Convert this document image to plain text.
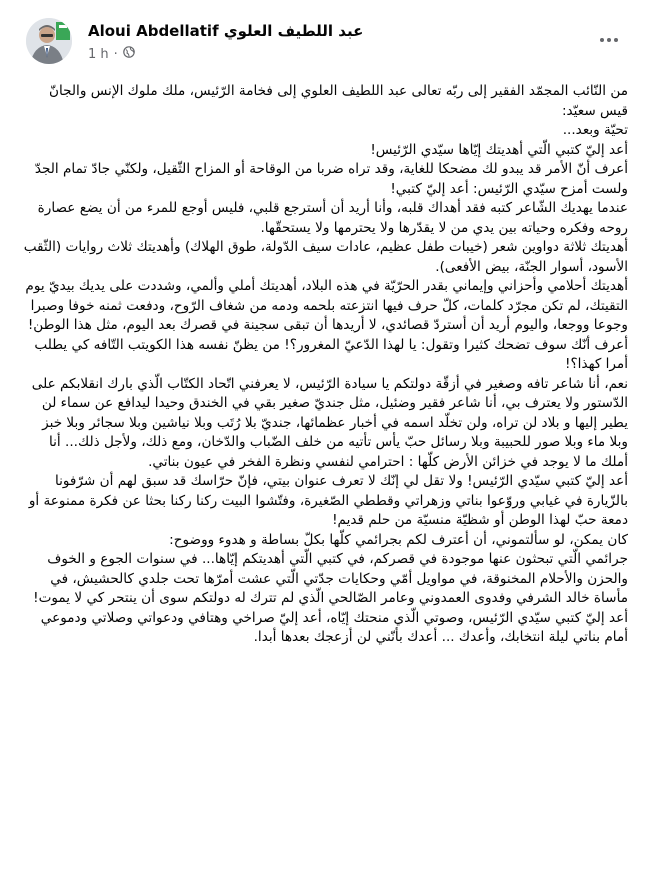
Aloui Abdellatif عبد اللطيف العلوي
1 h ·

من النّائب المجمّد الفقير إلى ربّه تعالى عبد اللطيف العلوي إلى فخامة الرّئيس، ملك ملوك الإنس والجانّ قيس سعيّد:

تحيّة وبعد...

أعد إليّ كتبي الّتي أهديتك إيّاها سيّدي الرّئيس!

أعرف أنّ الأمر قد يبدو لك مضحكا للغاية، وقد تراه ضربا من الوقاحة أو المزاح الثّقيل، ولكنّي جادّ تمام الجدّ ولست أمزح سيّدي الرّئيس: أعد إليّ كتبي!

عندما يهديك الشّاعر كتبه فقد أهداك قلبه، وأنا أريد أن أسترجع قلبي، فليس أوجع للمرء من أن يضع عصارة روحه وفكره وحياته بين يدي من لا يقدّرها ولا يحترمها ولا يستحقّها.

أهديتك ثلاثة دواوين شعر (خيبات طفل عظيم، عادات سيف الدّولة، طوق الهلاك) وأهديتك ثلاث روايات (الثّقب الأسود، أسوار الجنّة، بيض الأفعى).

أهديتك أحلامي وأحزاني وإيماني بقدر الحرّيّة في هذه البلاد، أهديتك أملي وألمي، وشددت على يديك بيديّ يوم التقيتك، لم تكن مجرّد كلمات، كلّ حرف فيها انتزعته بلحمه ودمه من شغاف الرّوح، ودفعت ثمنه خوفا وصبرا وجوعا ووجعا، واليوم أريد أن أستردّ قصائدي، لا أريدها أن تبقى سجينة في قصرك بعد اليوم، مثل هذا الوطن!

أعرف أنّك سوف تضحك كثيرا وتقول: يا لهذا الدّعيّ المغرور؟! من يظنّ نفسه هذا الكويتب التّافه كي يطلب أمرا كهذا؟!

نعم، أنا شاعر تافه وصغير في أزقّة دولتكم يا سيادة الرّئيس، لا يعرفني اتّحاد الكتّاب الّذي بارك انقلابكم على الدّستور ولا يعترف بي، أنا شاعر فقير وضئيل، مثل جنديّ صغير بقي في الخندق وحيدا ليدافع عن سماء لن يطير إليها و بلاد لن تراه، ولن تخلّد اسمه في أخبار عظمائها، جنديّ بلا رُتَب وبلا نياشين وبلا سجائر وبلا خبز وبلا ماء وبلا صور للحبيبة وبلا رسائل حبّ يأس تأتيه من خلف الضّباب والدّخان، ومع ذلك، ولأجل ذلك... أنا أملك ما لا يوجد في خزائن الأرض كلّها : احترامي لنفسي ونظرة الفخر في عيون بناتي.

أعد إليّ كتبي سيّدي الرّئيس! ولا تقل لي إنّك لا تعرف عنوان بيتي، فإنّ حرّاسك قد سبق لهم أن شرّفونا بالزّيارة في غيابي وروّعوا بناتي وزهراتي وقططي الصّغيرة، وفتّشوا البيت ركنا ركنا بحثا عن فكرة ممنوعة أو دمعة حبّ لهذا الوطن أو شظيّة منسيّة من حلم قديم!

كان يمكن، لو سألتموني، أن أعترف لكم بجرائمي كلّها بكلّ بساطة و هدوء ووضوح:

جرائمي الّتي تبحثون عنها موجودة في قصركم، في كتبي الّتي أهديتكم إيّاها... في سنوات الجوع و الخوف والحزن والأحلام المخنوقة، في مواويل أمّي وحكايات جدّتي الّتي عشت أمرّها تحت جلدي كالحشيش، في مأساة خالد الشرفي وفدوى العمدوني وعامر الصّالحي الّذي لم تترك له دولتكم سوى أن ينتحر كي لا يموت!

أعد إليّ كتبي سيّدي الرّئيس، وصوتي الّذي منحتك إيّاه، أعد إليّ صراخي وهتافي ودعواتي وصلاتي ودموعي أمام بناتي ليلة انتخابك، وأعدك ... أعدك بأنّني لن أزعجك بعدها أبدا.
